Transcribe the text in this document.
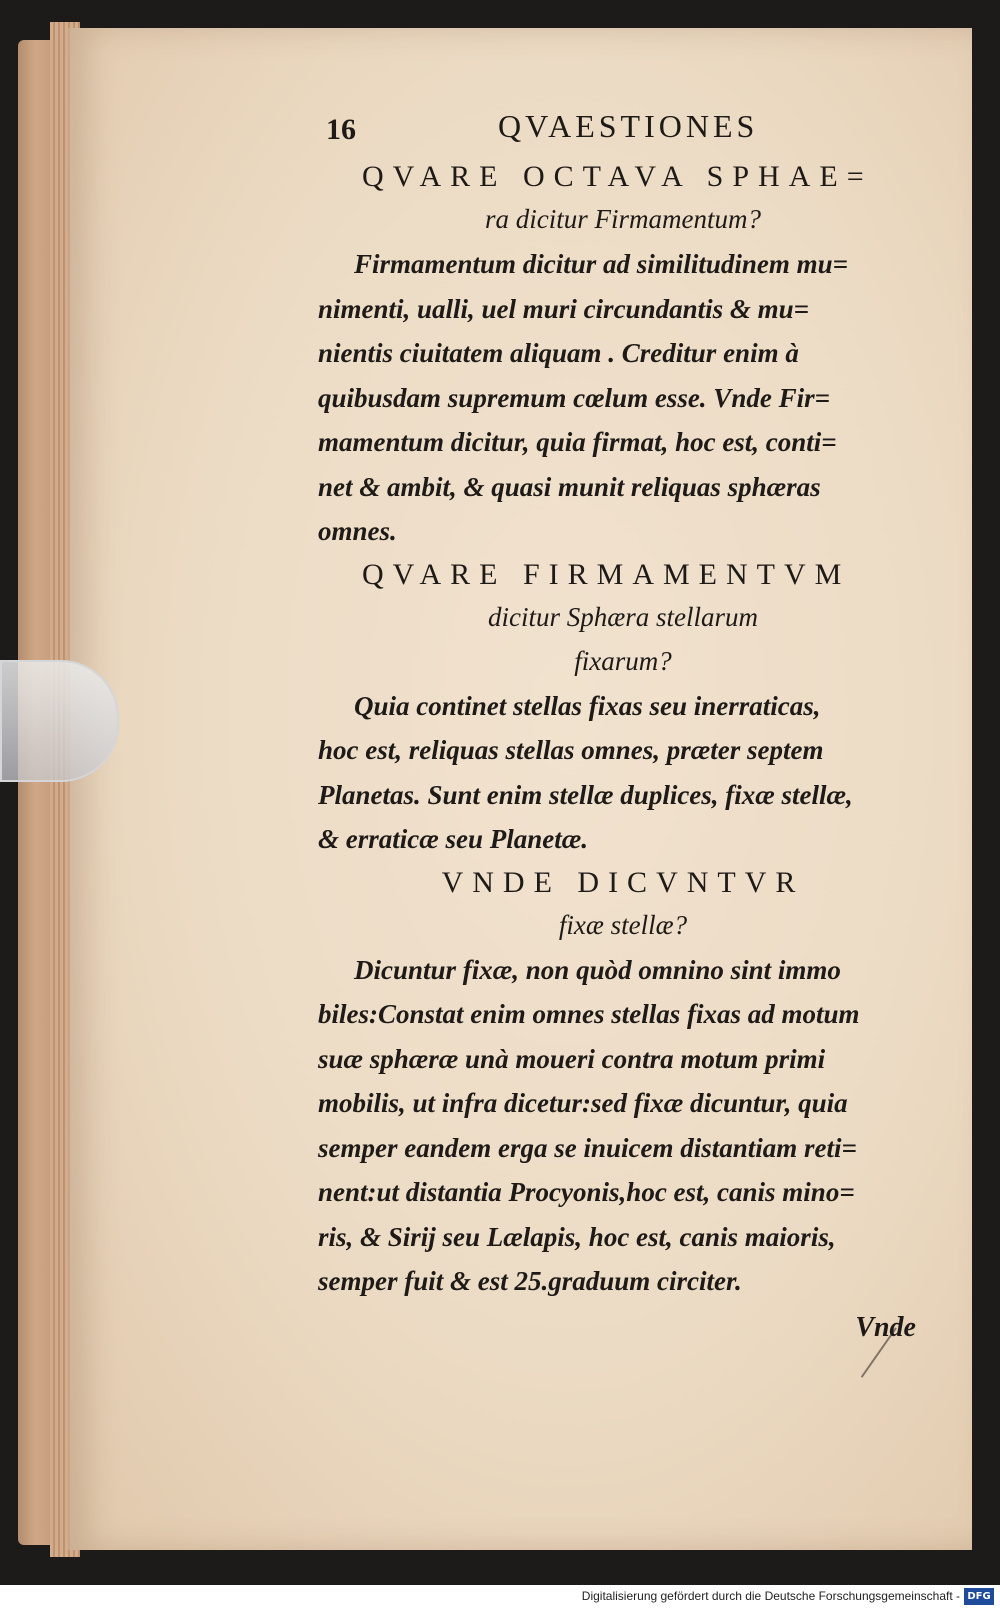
16	QVAESTIONES

QVARE OCTAVA SPHAE=

ra dicitur Firmamentum?

Firmamentum dicitur ad similitudinem mu=
nimenti, ualli, uel muri circundantis & mu=
nientis ciuitatem aliquam . Creditur enim à
quibusdam supremum cœlum esse. Vnde Fir=
mamentum dicitur, quia firmat, hoc est, conti=
net & ambit, & quasi munit reliquas sphæras
omnes.

QVARE FIRMAMENTVM

dicitur Sphæra stellarum

fixarum?

Quia continet stellas fixas seu inerraticas,
hoc est, reliquas stellas omnes, præter septem
Planetas. Sunt enim stellæ duplices, fixæ stellæ,
& erraticæ seu Planetæ.

VNDE DICVNTVR

fixæ stellæ?

Dicuntur fixæ, non quòd omnino sint immo
biles:Constat enim omnes stellas fixas ad motum
suæ sphæræ unà moueri contra motum primi
mobilis, ut infra dicetur:sed fixæ dicuntur, quia
semper eandem erga se inuicem distantiam reti=
nent:ut distantia Procyonis,hoc est, canis mino=
ris, & Sirij seu Lælapis, hoc est, canis maioris,
semper fuit & est 25.graduum circiter.
Vnde
Digitalisierung gefördert durch die Deutsche Forschungsgemeinschaft - DFG
